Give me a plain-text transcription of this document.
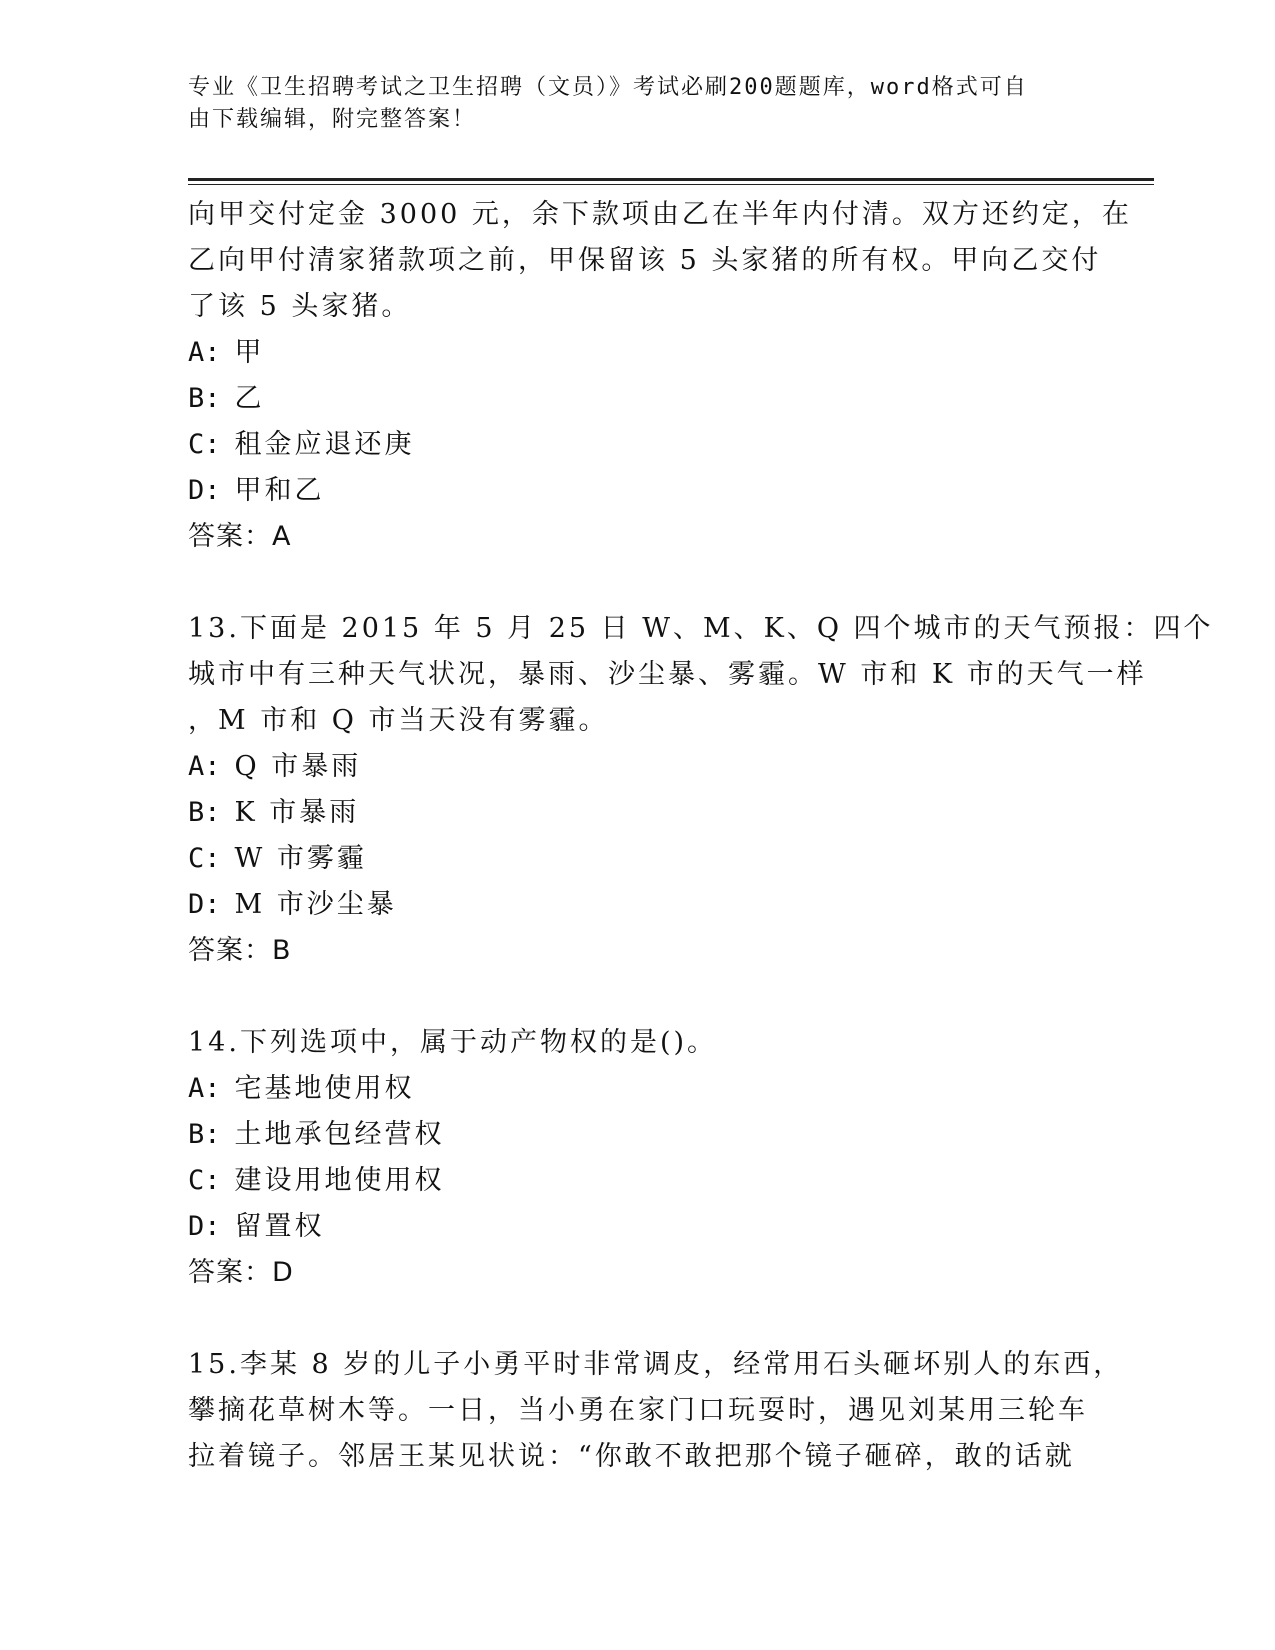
专业《卫生招聘考试之卫生招聘（文员）》考试必刷200题题库，word格式可自
由下载编辑，附完整答案！
向甲交付定金 3000 元，余下款项由乙在半年内付清。双方还约定，在
乙向甲付清家猪款项之前，甲保留该 5 头家猪的所有权。甲向乙交付
了该 5 头家猪。
A: 甲
B: 乙
C: 租金应退还庚
D: 甲和乙
答案：A
13.下面是 2015 年 5 月 25 日 W、M、K、Q 四个城市的天气预报：四个
城市中有三种天气状况，暴雨、沙尘暴、雾霾。W 市和 K 市的天气一样
，M 市和 Q 市当天没有雾霾。
A: Q 市暴雨
B: K 市暴雨
C: W 市雾霾
D: M 市沙尘暴
答案：B
14.下列选项中，属于动产物权的是()。
A: 宅基地使用权
B: 土地承包经营权
C: 建设用地使用权
D: 留置权
答案：D
15.李某 8 岁的儿子小勇平时非常调皮，经常用石头砸坏别人的东西，
攀摘花草树木等。一日，当小勇在家门口玩耍时，遇见刘某用三轮车
拉着镜子。邻居王某见状说：“你敢不敢把那个镜子砸碎，敢的话就
